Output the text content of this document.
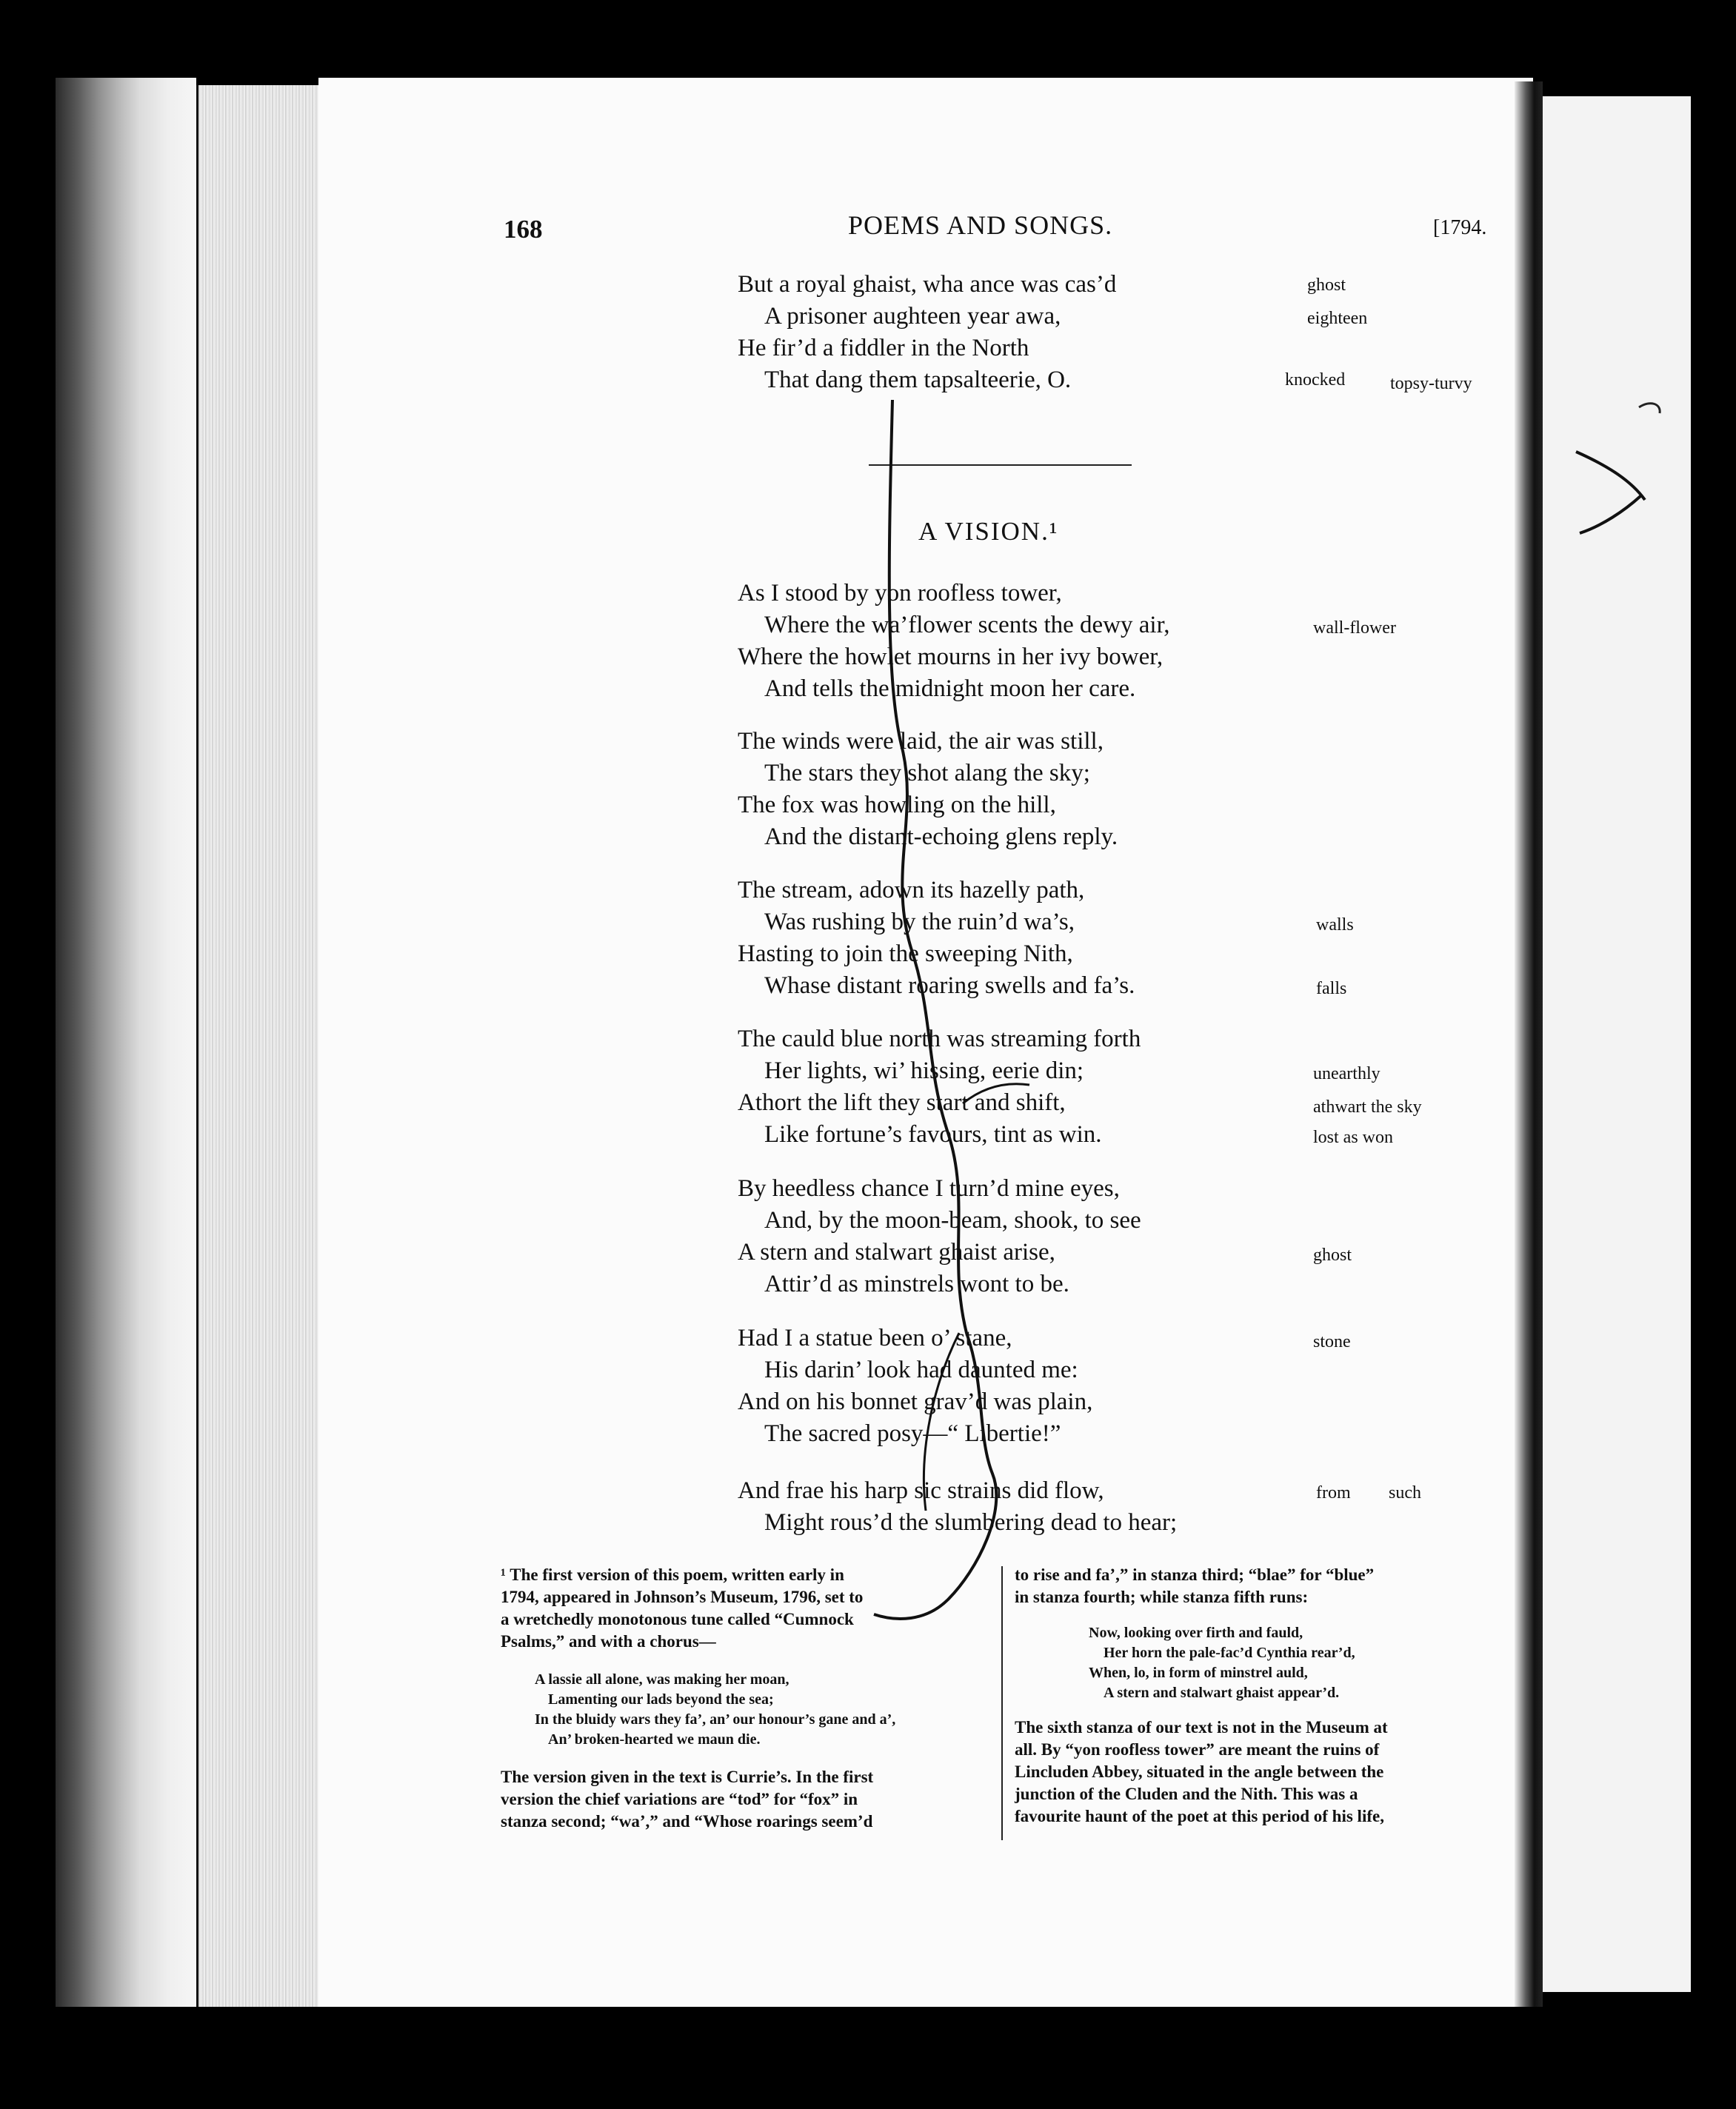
168	POEMS AND SONGS.	[1794.
But a royal ghaist, wha ance was cas’d
A prisoner aughteen year awa,
He fir’d a fiddler in the North
That dang them tapsalteerie, O.
ghost
eighteen
knocked	topsy-turvy
A VISION.¹
As I stood by yon roofless tower,
Where the wa’flower scents the dewy air,
Where the howlet mourns in her ivy bower,
And tells the midnight moon her care.
The winds were laid, the air was still,
The stars they shot alang the sky;
The fox was howling on the hill,
And the distant-echoing glens reply.
The stream, adown its hazelly path,
Was rushing by the ruin’d wa’s,
Hasting to join the sweeping Nith,
Whase distant roaring swells and fa’s.
The cauld blue north was streaming forth
Her lights, wi’ hissing, eerie din;
Athort the lift they start and shift,
Like fortune’s favours, tint as win.
By heedless chance I turn’d mine eyes,
And, by the moon-beam, shook, to see
A stern and stalwart ghaist arise,
Attir’d as minstrels wont to be.
Had I a statue been o’ stane,
His darin’ look had daunted me:
And on his bonnet grav’d was plain,
The sacred posy—“ Libertie!”
And frae his harp sic strains did flow,
Might rous’d the slumbering dead to hear;
wall-flower
walls
falls
unearthly
athwart the sky
lost as won
ghost
stone
from such
¹ The first version of this poem, written early in
1794, appeared in Johnson’s Museum, 1796, set to
a wretchedly monotonous tune called “Cumnock
Psalms,” and with a chorus—
A lassie all alone, was making her moan,
Lamenting our lads beyond the sea;
In the bluidy wars they fa’, an’ our honour’s gane and a’,
An’ broken-hearted we maun die.
The version given in the text is Currie’s. In the first
version the chief variations are “tod” for “fox” in
stanza second; “wa’,” and “Whose roarings seem’d
to rise and fa’,” in stanza third; “blae” for “blue”
in stanza fourth; while stanza fifth runs:
Now, looking over firth and fauld,
Her horn the pale-fac’d Cynthia rear’d,
When, lo, in form of minstrel auld,
A stern and stalwart ghaist appear’d.
The sixth stanza of our text is not in the Museum at
all. By “yon roofless tower” are meant the ruins of
Lincluden Abbey, situated in the angle between the
junction of the Cluden and the Nith. This was a
favourite haunt of the poet at this period of his life,
